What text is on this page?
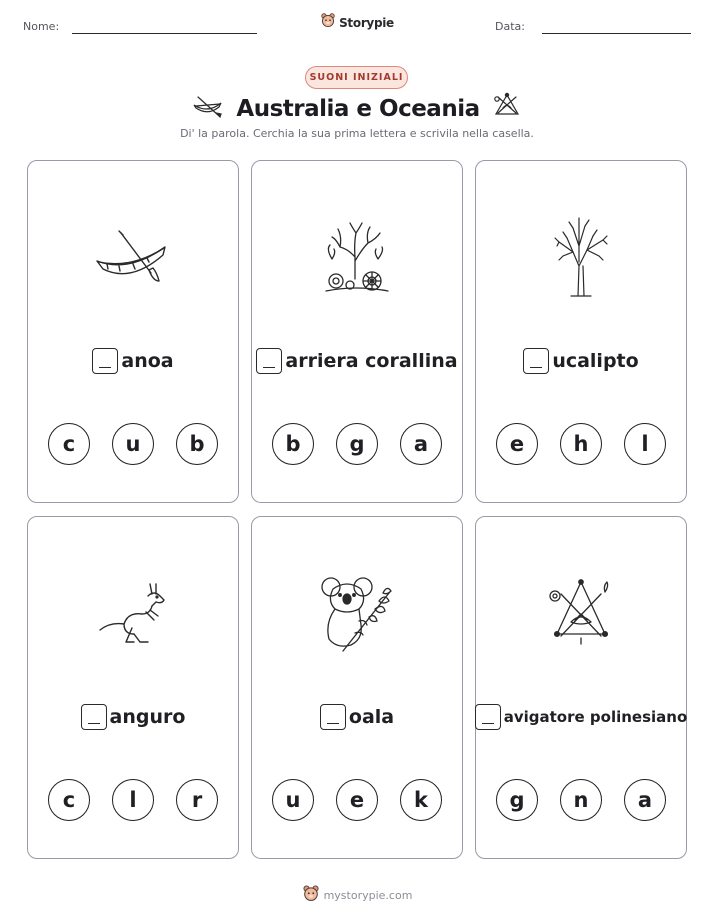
Nome:	Data:
Storypie
SUONI INIZIALI
Australia e Oceania
Di' la parola. Cerchia la sua prima lettera e scrivila nella casella.
anoa
c	u	b
arriera corallina
b	g	a
ucalipto
e	h	l
anguro
c	l	r
oala
u	e	k
avigatore polinesiano
g	n	a
mystorypie.com
